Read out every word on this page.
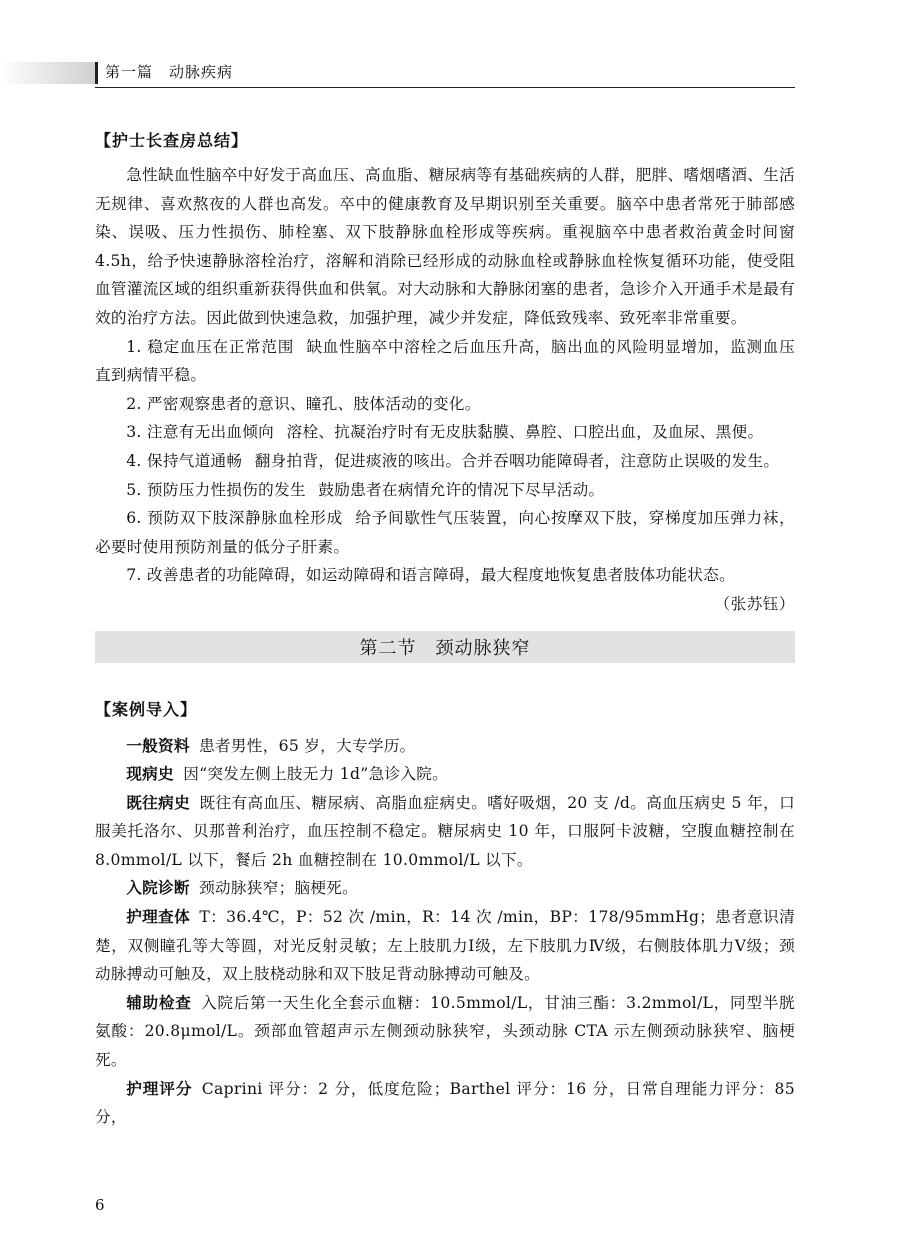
第一篇　动脉疾病
【护士长查房总结】

急性缺血性脑卒中好发于高血压、高血脂、糖尿病等有基础疾病的人群，肥胖、嗜烟嗜酒、生活无规律、喜欢熬夜的人群也高发。卒中的健康教育及早期识别至关重要。脑卒中患者常死于肺部感染、误吸、压力性损伤、肺栓塞、双下肢静脉血栓形成等疾病。重视脑卒中患者救治黄金时间窗4.5h，给予快速静脉溶栓治疗，溶解和消除已经形成的动脉血栓或静脉血栓恢复循环功能，使受阻血管灌流区域的组织重新获得供血和供氧。对大动脉和大静脉闭塞的患者，急诊介入开通手术是最有效的治疗方法。因此做到快速急救，加强护理，减少并发症，降低致残率、致死率非常重要。

1. 稳定血压在正常范围 缺血性脑卒中溶栓之后血压升高，脑出血的风险明显增加，监测血压直到病情平稳。

2. 严密观察患者的意识、瞳孔、肢体活动的变化。

3. 注意有无出血倾向 溶栓、抗凝治疗时有无皮肤黏膜、鼻腔、口腔出血，及血尿、黑便。

4. 保持气道通畅 翻身拍背，促进痰液的咳出。合并吞咽功能障碍者，注意防止误吸的发生。

5. 预防压力性损伤的发生 鼓励患者在病情允许的情况下尽早活动。

6. 预防双下肢深静脉血栓形成 给予间歇性气压装置，向心按摩双下肢，穿梯度加压弹力袜，必要时使用预防剂量的低分子肝素。

7. 改善患者的功能障碍，如运动障碍和语言障碍，最大程度地恢复患者肢体功能状态。

（张苏钰）
第二节　颈动脉狭窄
【案例导入】

一般资料 患者男性，65 岁，大专学历。

现病史 因“突发左侧上肢无力 1d”急诊入院。

既往病史 既往有高血压、糖尿病、高脂血症病史。嗜好吸烟，20 支 /d。高血压病史 5 年，口服美托洛尔、贝那普利治疗，血压控制不稳定。糖尿病史 10 年，口服阿卡波糖，空腹血糖控制在 8.0mmol/L 以下，餐后 2h 血糖控制在 10.0mmol/L 以下。

入院诊断 颈动脉狭窄；脑梗死。

护理查体 T：36.4℃，P：52 次 /min，R：14 次 /min，BP：178/95mmHg；患者意识清楚，双侧瞳孔等大等圆，对光反射灵敏；左上肢肌力Ⅰ级，左下肢肌力Ⅳ级，右侧肢体肌力Ⅴ级；颈动脉搏动可触及，双上肢桡动脉和双下肢足背动脉搏动可触及。

辅助检查 入院后第一天生化全套示血糖：10.5mmol/L，甘油三酯：3.2mmol/L，同型半胱氨酸：20.8μmol/L。颈部血管超声示左侧颈动脉狭窄，头颈动脉 CTA 示左侧颈动脉狭窄、脑梗死。

护理评分 Caprini 评分：2 分，低度危险；Barthel 评分：16 分，日常自理能力评分：85 分，

6
